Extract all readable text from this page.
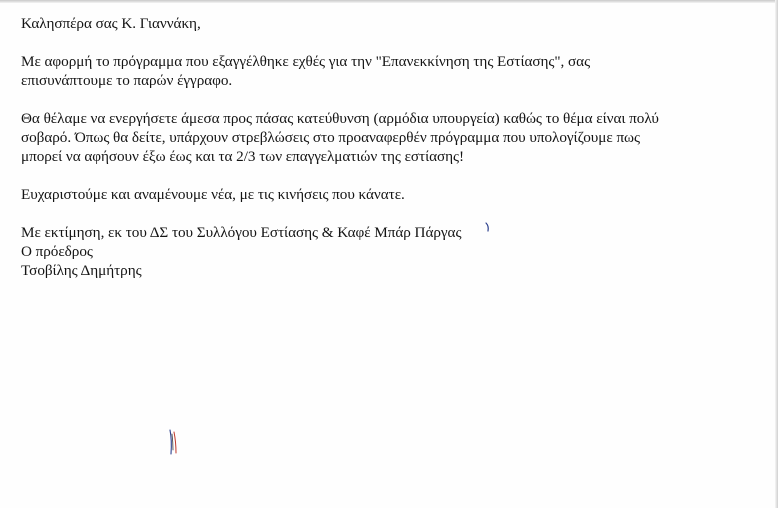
Καλησπέρα σας Κ. Γιαννάκη,

Με αφορμή το πρόγραμμα που εξαγγέλθηκε εχθές για την "Επανεκκίνηση της Εστίασης", σας

επισυνάπτουμε το παρών έγγραφο.

Θα θέλαμε να ενεργήσετε άμεσα προς πάσας κατεύθυνση (αρμόδια υπουργεία) καθώς το θέμα είναι πολύ

σοβαρό. Όπως θα δείτε, υπάρχουν στρεβλώσεις στο προαναφερθέν πρόγραμμα που υπολογίζουμε πως

μπορεί να αφήσουν έξω έως και τα 2/3 των επαγγελματιών της εστίασης!

Ευχαριστούμε και αναμένουμε νέα, με τις κινήσεις που κάνατε.

Με εκτίμηση, εκ του ΔΣ του Συλλόγου Εστίασης & Καφέ Μπάρ Πάργας

Ο πρόεδρος

Τσοβίλης Δημήτρης
